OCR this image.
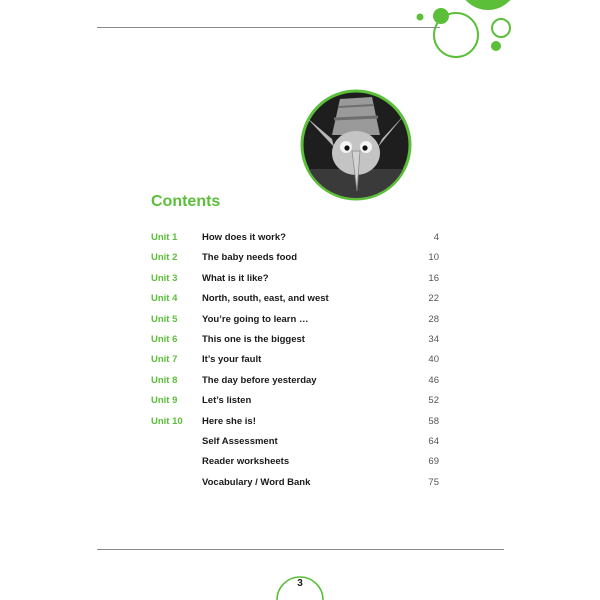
Contents
Unit 1	How does it work?	4
Unit 2	The baby needs food	10
Unit 3	What is it like?	16
Unit 4	North, south, east, and west	22
Unit 5	You’re going to learn …	28
Unit 6	This one is the biggest	34
Unit 7	It’s your fault	40
Unit 8	The day before yesterday	46
Unit 9	Let’s listen	52
Unit 10 Here she is!	58
Self Assessment	64
Reader worksheets	69
Vocabulary / Word Bank	75
3
